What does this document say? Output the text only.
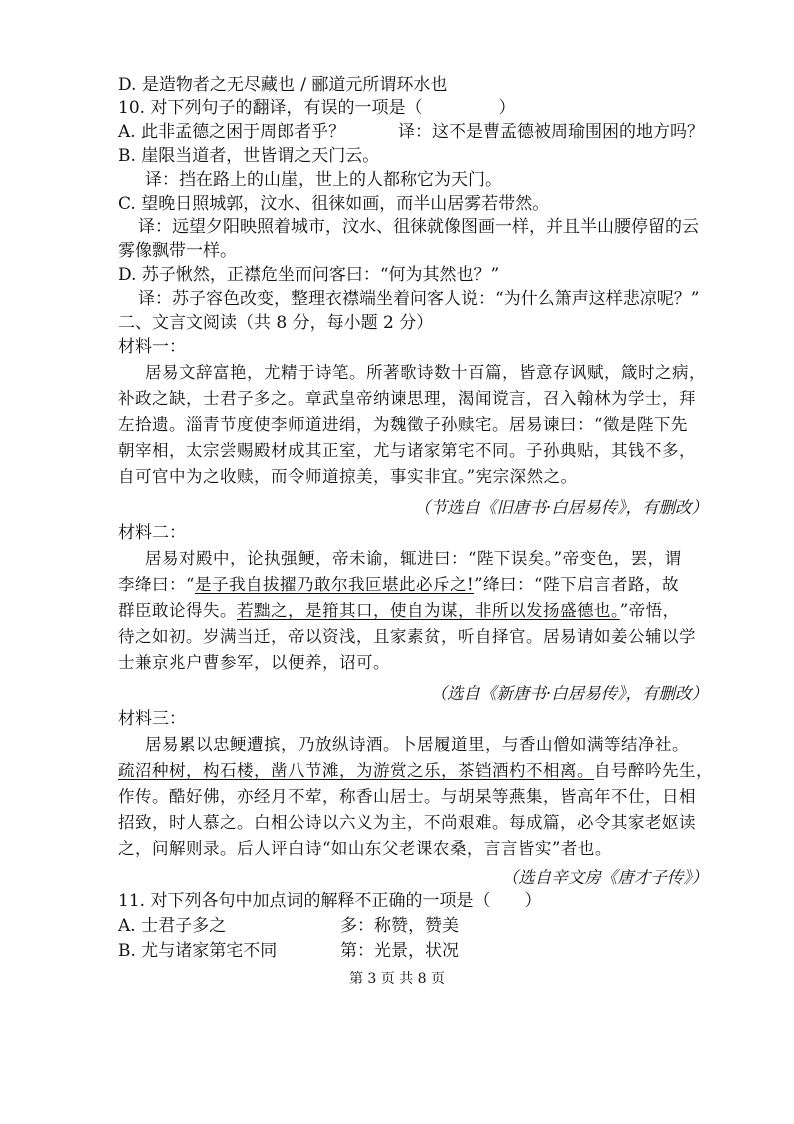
D. 是造物者之无尽藏也 / 郦道元所谓环水也
10. 对下列句子的翻译，有误的一项是（	）
A. 此非孟德之困于周郎者乎？	译：这不是曹孟德被周瑜围困的地方吗？
B. 崖限当道者，世皆谓之天门云。
译：挡在路上的山崖，世上的人都称它为天门。
C. 望晚日照城郭，汶水、徂徕如画，而半山居雾若带然。
译：远望夕阳映照着城市，汶水、徂徕就像图画一样，并且半山腰停留的云
雾像飘带一样。
D. 苏子愀然，正襟危坐而问客曰：“何为其然也？”
译：苏子容色改变，整理衣襟端坐着问客人说：“为什么箫声这样悲凉呢？”
二、文言文阅读（共 8 分，每小题 2 分）
材料一：
居易文辞富艳，尤精于诗笔。所著歌诗数十百篇，皆意存讽赋，箴时之病，
补政之缺，士君子多之。章武皇帝纳谏思理，渴闻谠言，召入翰林为学士，拜
左拾遗。淄青节度使李师道进绢，为魏徵子孙赎宅。居易谏曰：“徵是陛下先
朝宰相，太宗尝赐殿材成其正室，尤与诸家第宅不同。子孙典贴，其钱不多，
自可官中为之收赎，而令师道掠美，事实非宜。”宪宗深然之。
（节选自《旧唐书·白居易传》，有删改）
材料二：
居易对殿中，论执强鲠，帝未谕，辄进曰：“陛下误矣。”帝变色，罢，谓
李绛曰：“是子我自拔擢乃敢尔我叵堪此必斥之!”绛曰：“陛下启言者路，故
群臣敢论得失。若黜之，是箝其口，使自为谋，非所以发扬盛德也。”帝悟，
待之如初。岁满当迁，帝以资浅，且家素贫，听自择官。居易请如姜公辅以学
士兼京兆户曹参军，以便养，诏可。
（选自《新唐书·白居易传》，有删改）
材料三：
居易累以忠鲠遭摈，乃放纵诗酒。卜居履道里，与香山僧如满等结净社。
疏沼种树，构石楼，凿八节滩，为游赏之乐，茶铛酒杓不相离。自号醉吟先生，
作传。酷好佛，亦经月不荤，称香山居士。与胡杲等燕集，皆高年不仕，日相
招致，时人慕之。白相公诗以六义为主，不尚艰难。每成篇，必令其家老妪读
之，问解则录。后人评白诗“如山东父老课农桑，言言皆实”者也。
（选自辛文房《唐才子传》）
11. 对下列各句中加点词的解释不正确的一项是（ ）
A. 士君子多之	多：称赞，赞美
B. 尤与诸家第宅不同	第：光景，状况
第 3 页 共 8 页
